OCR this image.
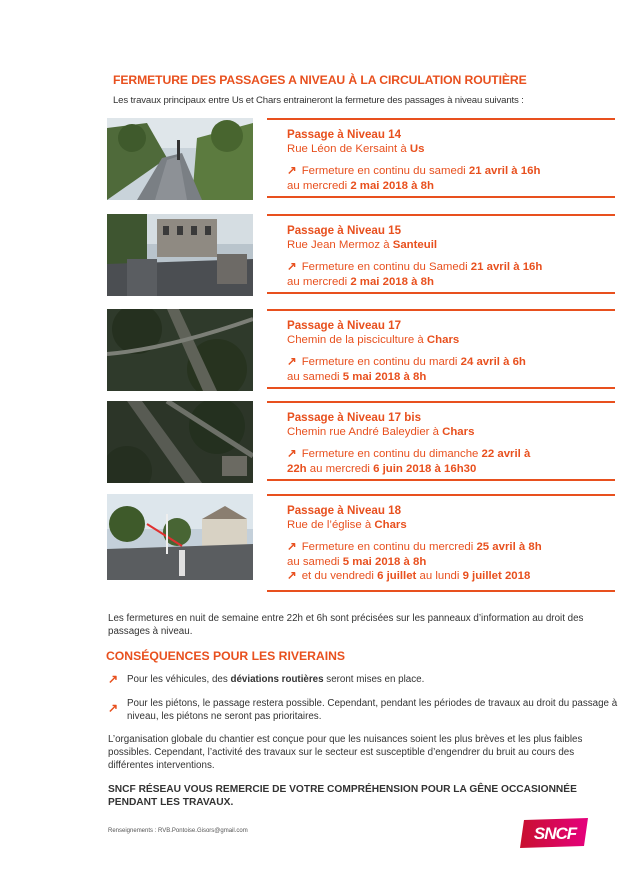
FERMETURE DES PASSAGES A NIVEAU À LA CIRCULATION ROUTIÈRE
Les travaux principaux entre Us et Chars entraineront la fermeture des passages à niveau suivants :
Passage à Niveau 14
Rue Léon de Kersaint à Us
↗ Fermeture en continu du samedi 21 avril à 16h
au mercredi 2 mai 2018 à 8h
Passage à Niveau 15
Rue Jean Mermoz à Santeuil
↗ Fermeture en continu du Samedi 21 avril à 16h
au mercredi 2 mai 2018 à 8h
Passage à Niveau 17
Chemin de la pisciculture à Chars
↗ Fermeture en continu du mardi 24 avril à 6h
au samedi 5 mai 2018 à 8h
Passage à Niveau 17 bis
Chemin rue André Baleydier à Chars
↗ Fermeture en continu du dimanche 22 avril à
22h au mercredi 6 juin 2018 à 16h30
Passage à Niveau 18
Rue de l’église à Chars
↗ Fermeture en continu du mercredi 25 avril à 8h
au samedi 5 mai 2018 à 8h
↗ et du vendredi 6 juillet au lundi 9 juillet 2018
Les fermetures en nuit de semaine entre 22h et 6h sont précisées sur les panneaux d’information au droit des passages à niveau.
CONSÉQUENCES POUR LES RIVERAINS
↗ Pour les véhicules, des déviations routières seront mises en place.
↗ Pour les piétons, le passage restera possible. Cependant, pendant les périodes de travaux au droit du passage à niveau, les piétons ne seront pas prioritaires.
L’organisation globale du chantier est conçue pour que les nuisances soient les plus brèves et les plus faibles possibles. Cependant, l’activité des travaux sur le secteur est susceptible d’engendrer du bruit au cours des différentes interventions.
SNCF RÉSEAU VOUS REMERCIE DE VOTRE COMPRÉHENSION POUR LA GÊNE OCCASIONNÉE PENDANT LES TRAVAUX.
Renseignements : RVB.Pontoise.Gisors@gmail.com	SNCF
